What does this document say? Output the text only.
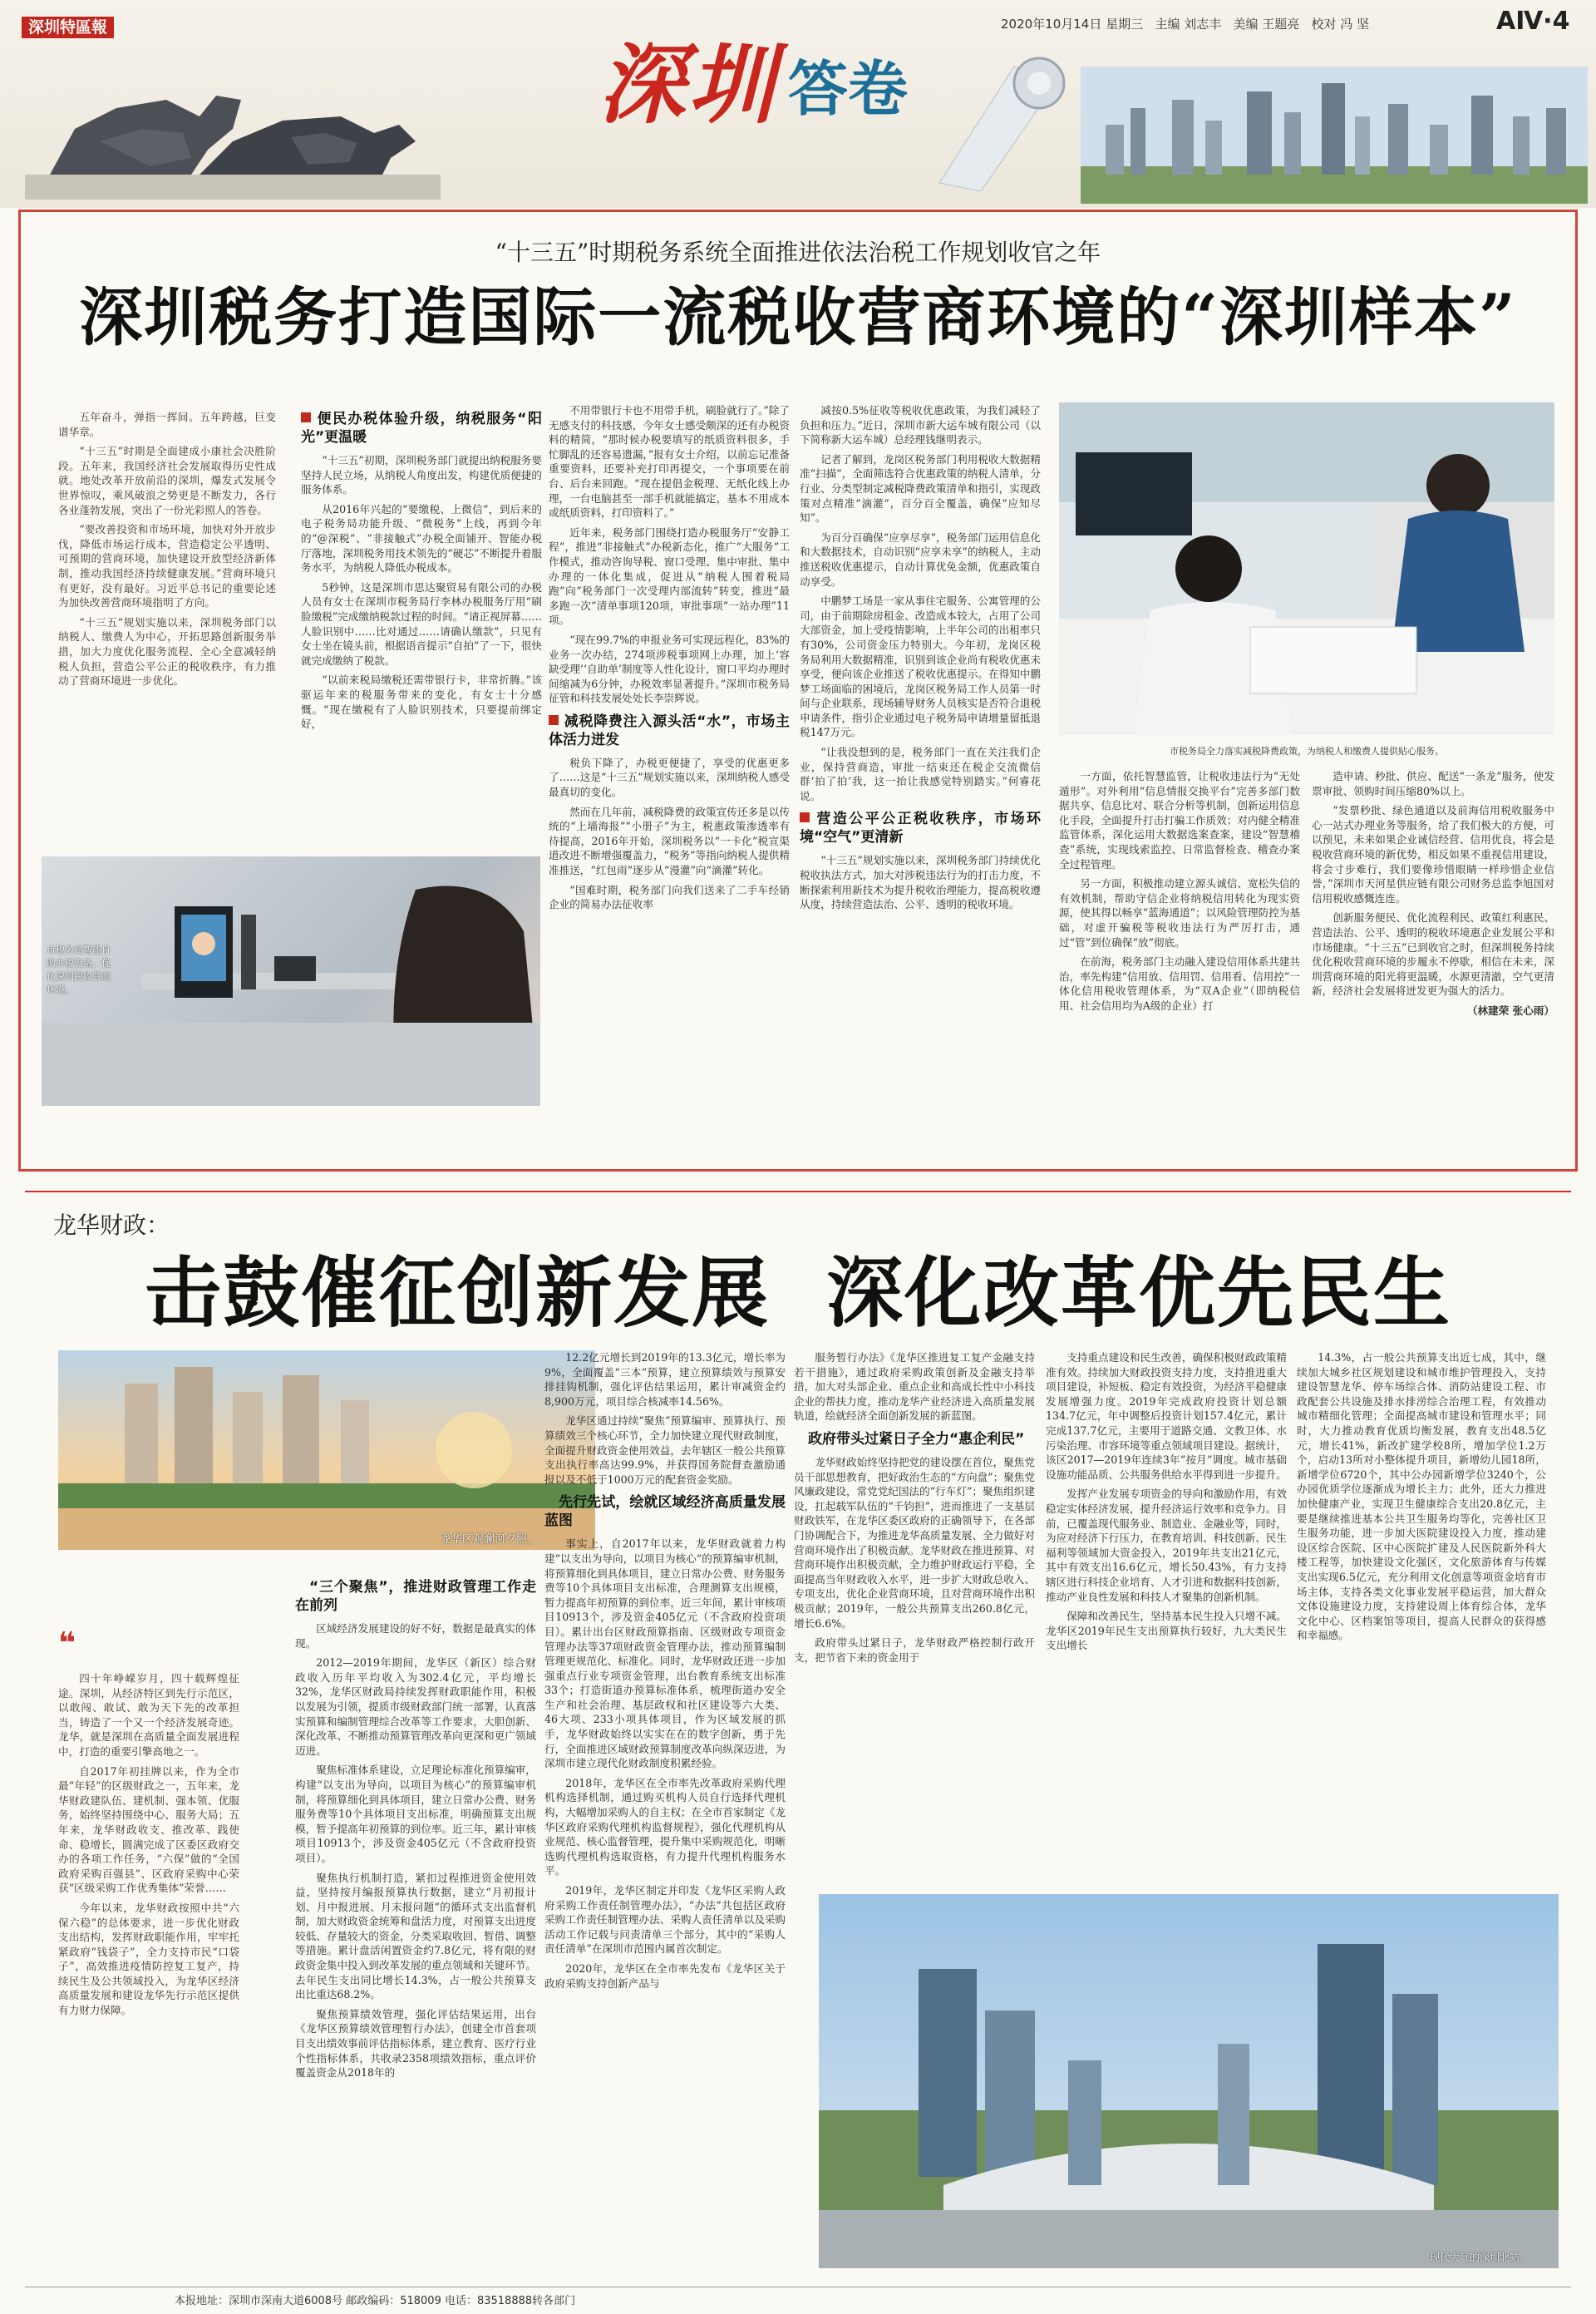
深圳特區報
深圳 答卷
2020年10月14日 星期三 主编 刘志丰 美编 王题亮 校对 冯 坚	AⅣ·4
“十三五”时期税务系统全面推进依法治税工作规划收官之年
深圳税务打造国际一流税收营商环境的“深圳样本”

五年奋斗，弹指一挥间。五年跨越，巨变谱华章。

“十三五”时期是全面建成小康社会决胜阶段。五年来，我国经济社会发展取得历史性成就。地处改革开放前沿的深圳，爆发式发展令世界惊叹，乘风破浪之势更是不断发力，各行各业蓬勃发展，突出了一份光彩照人的答卷。

“要改善投资和市场环境，加快对外开放步伐，降低市场运行成本，营造稳定公平透明、可预期的营商环境，加快建设开放型经济新体制，推动我国经济持续健康发展。”营商环境只有更好，没有最好。习近平总书记的重要论述为加快改善营商环境指明了方向。

“十三五”规划实施以来，深圳税务部门以纳税人、缴费人为中心，开拓思路创新服务举措，加大力度优化服务流程、全心全意减轻纳税人负担，营造公平公正的税收秩序，有力推动了营商环境进一步优化。

市税务局智能自助办税设备，优化深圳税收营商环境。
便民办税体验升级，纳税服务“阳光”更温暖

“十三五”初期，深圳税务部门就提出纳税服务要坚持人民立场，从纳税人角度出发，构建优质便捷的服务体系。

从2016年兴起的“要缴税、上微信”，到后来的电子税务局功能升级、“微税务”上线，再到今年的“@深税”、“非接触式”办税全面铺开、智能办税厅落地，深圳税务用技术领先的“硬芯”不断提升着服务水平，为纳税人降低办税成本。

5秒钟，这是深圳市思达聚贸易有限公司的办税人员有女士在深圳市税务局行李林办税服务厅用“刷脸缴税”完成缴纳税款过程的时间。“请正视屏幕……人脸识别中……比对通过……请确认缴款”，只见有女士坐在镜头前，根据语音提示“自拍”了一下，很快就完成缴纳了税款。

“以前来税局缴税还需带银行卡，非常折腾。”该驱运年来的税服务带来的变化，有女士十分感慨。“现在缴税有了人脸识别技术，只要提前绑定好，

不用带银行卡也不用带手机，刷脸就行了。”除了无感支付的科技感，今年女士感受颇深的还有办税资料的精简，“那时候办税要填写的纸质资料很多，手忙脚乱的还容易遗漏，”报有女士介绍，以前忘记准备重要资料，还要补充打印再提交，一个事项要在前台、后台来回跑。“现在提倡金税理、无纸化线上办理，一台电脑甚至一部手机就能搞定，基本不用成本或纸质资料，打印资料了。”

近年来，税务部门围绕打造办税服务厅“安静工程”，推进“非接触式”办税新态化，推广“大服务”工作模式，推动咨询导税、窗口受理、集中审批、集中办理的一体化集成，促进从“纳税人围着税局跑”向“税务部门一次受理内部流转”转变，推进“最多跑一次”清单事项120项，审批事项“一站办理”11项。

“现在99.7%的申报业务可实现远程化，83%的业务一次办结，274项涉税事项网上办理，加上‘容缺受理’‘自助单’制度等人性化设计，窗口平均办理时间缩减为6分钟，办税效率显著提升。”深圳市税务局征管和科技发展处处长李崇辉说。

减税降费注入源头活“水”，市场主体活力迸发

税负下降了，办税更便捷了，享受的优惠更多了……这是“十三五”规划实施以来，深圳纳税人感受最真切的变化。

然而在几年前，减税降费的政策宣传还多是以传统的“上墙海报”“小册子”为主，税惠政策渗透率有待提高，2016年开始，深圳税务以“一卡化”税宣渠道改进不断增强覆盖力，“税务”等指向纳税人提供精准推送，“红包雨”逐步从“漫灌”向“滴灌”转化。

“国难时期，税务部门向我们送来了二手车经销企业的简易办法征收率

减按0.5%征收等税收优惠政策，为我们减轻了负担和压力。”近日，深圳市新大运车城有限公司（以下简称新大运车城）总经理钱继明表示。

记者了解到，龙岗区税务部门利用税收大数据精准“扫描”，全面筛选符合优惠政策的纳税人清单，分行业、分类型制定减税降费政策清单和指引，实现政策对点精准“滴灌”，百分百全覆盖，确保“应知尽知”。

为百分百确保“应享尽享”，税务部门运用信息化和大数据技术，自动识别“应享未享”的纳税人，主动推送税收优惠提示，自动计算优免金额，优惠政策自动享受。

中鹏梦工场是一家从事住宅服务、公寓管理的公司，由于前期除房租金、改造成本较大，占用了公司大部资金，加上受疫情影响，上半年公司的出租率只有30%，公司资金压力特别大。今年初，龙岗区税务局利用大数据精准，识别到该企业尚有税收优惠未享受，便向该企业推送了税收优惠提示。在得知中鹏梦工场面临的困境后，龙岗区税务局工作人员第一时间与企业联系，现场辅导财务人员核实是否符合退税申请条件，指引企业通过电子税务局申请增量留抵退税147万元。

“让我没想到的是，税务部门一直在关注我们企业，保持营商造，审批一结束还在税企交流微信群‘拍了拍’我，这一抬让我感觉特别踏实。”何睿花说。

营造公平公正税收秩序，市场环境“空气”更清新

“十三五”规划实施以来，深圳税务部门持续优化税收执法方式，加大对涉税违法行为的打击力度，不断探索利用新技术为提升税收治理能力，提高税收遵从度，持续营造法治、公平、透明的税收环境。

市税务局全力落实减税降费政策，为纳税人和缴费人提供贴心服务。

一方面，依托智慧监管，让税收违法行为“无处遁形”。对外利用“信息情报交换平台”完善多部门数据共享、信息比对、联合分析等机制，创新运用信息化手段，全面提升打击打骗工作质效；对内健全精准监管体系，深化运用大数据选案查案，建设“智慧稽查”系统，实现线索监控、日常监督检查、稽查办案全过程管理。

另一方面，积极推动建立源头诚信、宽松失信的有效机制，帮助守信企业将纳税信用转化为现实资源，使其得以畅享“蓝海通道”；以风险管理防控为基础，对虚开骗税等税收违法行为严厉打击，通过“管”到位确保“放”彻底。

在前海，税务部门主动融入建设信用体系共建共治，率先构建“信用放、信用罚、信用看、信用控”一体化信用税收管理体系，为“双A企业”（即纳税信用、社会信用均为A级的企业）打

造申请、秒批、供应、配送“一条龙”服务，使发票审批、领购时间压缩80%以上。

“发票秒批、绿色通道以及前海信用税收服务中心一站式办理业务等服务，给了我们极大的方便，可以预见，未来如果企业诚信经营、信用优良，将会是税收营商环境的新优势，相反如果不重视信用建设，将会寸步难行，我们要像珍惜眼睛一样珍惜企业信誉，”深圳市天河星供应链有限公司财务总监李旭国对信用税收感慨连连。

创新服务便民、优化流程利民、政策红利惠民、营造法治、公平、透明的税收环境惠企业发展公平和市场健康。“十三五”已到收官之时，但深圳税务持续优化税收营商环境的步履永不停歇，相信在未来，深圳营商环境的阳光将更温暖，水源更清澈，空气更清新，经济社会发展将迸发更为强大的活力。

（林建荣 张心雨）
龙华财政：
击鼓催征创新发展  深化改革优先民生
龙华区观澜河夕照。
❝

四十年峥嵘岁月，四十载辉煌征途。深圳，从经济特区到先行示范区，以敢闯、敢试、敢为天下先的改革担当，铸造了一个又一个经济发展奇迹。龙华，就是深圳在高质量全面发展进程中，打造的重要引擎高地之一。

自2017年初挂牌以来，作为全市最“年轻”的区级财政之一，五年来，龙华财政建队伍、建机制、强本领、优服务，始终坚持围绕中心、服务大局；五年来，龙华财政收支、推改革、践使命、稳增长，圆满完成了区委区政府交办的各项工作任务，“六保”做的“全国政府采购百强县”、区政府采购中心荣获“区级采购工作优秀集体”荣誉……

今年以来，龙华财政按照中共“六保六稳”的总体要求，进一步优化财政支出结构，发挥财政职能作用，牢牢托紧政府“钱袋子”，全力支持市民“口袋子”，高效推进疫情防控复工复产，持续民生及公共领域投入，为龙华区经济高质量发展和建设龙华先行示范区提供有力财力保障。

“三个聚焦”，推进财政管理工作走在前列

区域经济发展建设的好不好，数据是最真实的体现。

2012—2019年期间，龙华区（新区）综合财政收入历年平均收入为302.4亿元，平均增长32%，龙华区财政局持续发挥财政职能作用，积极以发展为引领，提质市级财政部门统一部署，认真落实预算和编制管理综合改革等工作要求，大胆创新、深化改革、不断推动预算管理改革向更深和更广领域迈进。

聚焦标准体系建设，立足理论标准化预算编审，构建“以支出为导向，以项目为核心”的预算编审机制，将预算细化到具体项目，建立日常办公费、财务服务费等10个具体项目支出标准，明确预算支出规模，暂予提高年初预算的到位率。近三年，累计审核项目10913个，涉及资金405亿元（不含政府投资项目）。

聚焦执行机制打造，紧扣过程推进资金使用效益，坚持按月编报预算执行数据，建立“月初报计划、月中报进展、月末报问题”的循环式支出监督机制，加大财政资金统筹和盘活力度，对预算支出进度较低、存量较大的资金，分类采取收回、暂借、调整等措施。累计盘活闲置资金约7.8亿元，将有限的财政资金集中投入到改革发展的重点领域和关键环节。去年民生支出同比增长14.3%，占一般公共预算支出比重达68.2%。

聚焦预算绩效管理，强化评估结果运用，出台《龙华区预算绩效管理暂行办法》，创建全市首套项目支出绩效事前评估指标体系，建立教育、医疗行业个性指标体系，共收录2358项绩效指标，重点评价覆盖资金从2018年的

12.2亿元增长到2019年的13.3亿元，增长率为9%，全面覆盖“三本”预算，建立预算绩效与预算安排挂钩机制，强化评估结果运用，累计审减资金约8,900万元，项目综合核减率14.56%。

龙华区通过持续“聚焦”预算编审、预算执行、预算绩效三个核心环节，全力加快建立现代财政制度，全面提升财政资金使用效益，去年辖区一般公共预算支出执行率高达99.9%，并获得国务院督查激励通报以及不低于1000万元的配套资金奖励。

先行先试，绘就区域经济高质量发展蓝图

事实上，自2017年以来，龙华财政就着力构建“以支出为导向，以项目为核心”的预算编审机制，将预算细化到具体项目，建立日常办公费、财务服务费等10个具体项目支出标准，合理测算支出规模，暂力提高年初预算的到位率，近三年间，累计审核项目10913个，涉及资金405亿元（不含政府投资项目）。累计出台区财政预算指南、区级财政专项资金管理办法等37项财政资金管理办法，推动预算编制管理更规范化、标准化。同时，龙华财政还进一步加强重点行业专项资金管理，出台教育系统支出标准33个；打造街道办预算标准体系，梳理街道办安全生产和社会治理、基层政权和社区建设等六大类、46大项、233小项具体项目，作为区域发展的抓手，龙华财政始终以实实在在的数字创新，勇于先行，全面推进区域财政预算制度改革向纵深迈进，为深圳市建立现代化财政制度积累经验。

2018年，龙华区在全市率先改革政府采购代理机构选择机制，通过购买机构人员自行选择代理机构，大幅增加采购人的自主权；在全市首家制定《龙华区政府采购代理机构监督规程》，强化代理机构从业规范、核心监督管理，提升集中采购规范化，明晰选购代理机构选取资格，有力提升代理机构服务水平。

2019年，龙华区制定并印发《龙华区采购人政府采购工作责任制管理办法》，“办法”共包括区政府采购工作责任制管理办法、采购人责任清单以及采购活动工作记载与问责清单三个部分，其中的“采购人责任清单”在深圳市范围内属首次制定。

2020年，龙华区在全市率先发布《龙华区关于政府采购支持创新产品与

服务暂行办法》《龙华区推进复工复产金融支持若干措施》，通过政府采购政策创新及金融支持举措，加大对头部企业、重点企业和高成长性中小科技企业的帮扶力度，推动龙华产业经济进入高质量发展轨道，绘就经济全面创新发展的新蓝图。

政府带头过紧日子全力“惠企利民”

龙华财政始终坚持把党的建设摆在首位，聚焦党员干部思想教育，把好政治生态的“方向盘”；聚焦党风廉政建设，常党党纪国法的“行车灯”；聚焦组织建设，扛起载军队伍的“千钧担”，进而推进了一支基层财政铁军，在龙华区委区政府的正确领导下，在各部门协调配合下，为推进龙华高质量发展、全力做好对营商环境作出了积极贡献。龙华财政在推进预算、对营商环境作出积极贡献，全力维护财政运行平稳，全面提高当年财政收入水平，进一步扩大财政总收入、专项支出，优化企业营商环境，且对营商环境作出积极贡献；2019年，一般公共预算支出260.8亿元，增长6.6%。

政府带头过紧日子，龙华财政严格控制行政开支，把节省下来的资金用于

支持重点建设和民生改善，确保积极财政政策精准有效。持续加大财政投资支持力度，支持推进重大项目建设，补短板、稳定有效投资，为经济平稳健康发展增强力度。2019年完成政府投资计划总额134.7亿元，年中调整后投资计划157.4亿元，累计完成137.7亿元，主要用于道路交通、文教卫体、水污染治理、市容环境等重点领域项目建设。据统计，该区2017—2019年连续3年“按月”调度。城市基础设施功能品质、公共服务供给水平得到进一步提升。

发挥产业发展专项资金的导向和激励作用，有效稳定实体经济发展，提升经济运行效率和竞争力。目前，已覆盖现代服务业、制造业、金融业等，同时，为应对经济下行压力，在教育培训、科技创新、民生福利等领域加大资金投入，2019年共支出21亿元，其中有效支出16.6亿元，增长50.43%，有力支持辖区进行科技企业培育、人才引进和数据科技创新，推动产业良性发展和科技人才聚集的创新机制。

保障和改善民生，坚持基本民生投入只增不减。龙华区2019年民生支出预算执行较好，九大类民生支出增长

14.3%，占一般公共预算支出近七成，其中，继续加大城乡社区规划建设和城市维护管理投入，支持建设智慧龙华、停车场综合体、消防站建设工程、市政配套公共设施及排水排涝综合治理工程，有效推动城市精细化管理；全面提高城市建设和管理水平；同时，大力推动教育优质均衡发展，教育支出48.5亿元，增长41%，新改扩建学校8所，增加学位1.2万个，启动13所对小整体提升项目，新增幼儿园18所，新增学位6720个，其中公办园新增学位3240个，公办园优质学位逐渐成为增长主力；此外，还大力推进加快健康产业，实现卫生健康综合支出20.8亿元，主要是继续推进基本公共卫生服务均等化，完善社区卫生服务功能，进一步加大医院建设投入力度，推动建设区综合医院、区中心医院扩建及人民医院新外科大楼工程等，加快建设文化强区，文化旅游体育与传媒支出实现6.5亿元，充分利用文化创意等项资金培育市场主体，支持各类文化事业发展平稳运营，加大群众文体设施建设力度，支持建设周上体育综合体，龙华文化中心、区档案馆等项目，提高人民群众的获得感和幸福感。

现代大气的深圳北站。
本报地址：深圳市深南大道6008号 邮政编码：518009 电话：83518888转各部门
